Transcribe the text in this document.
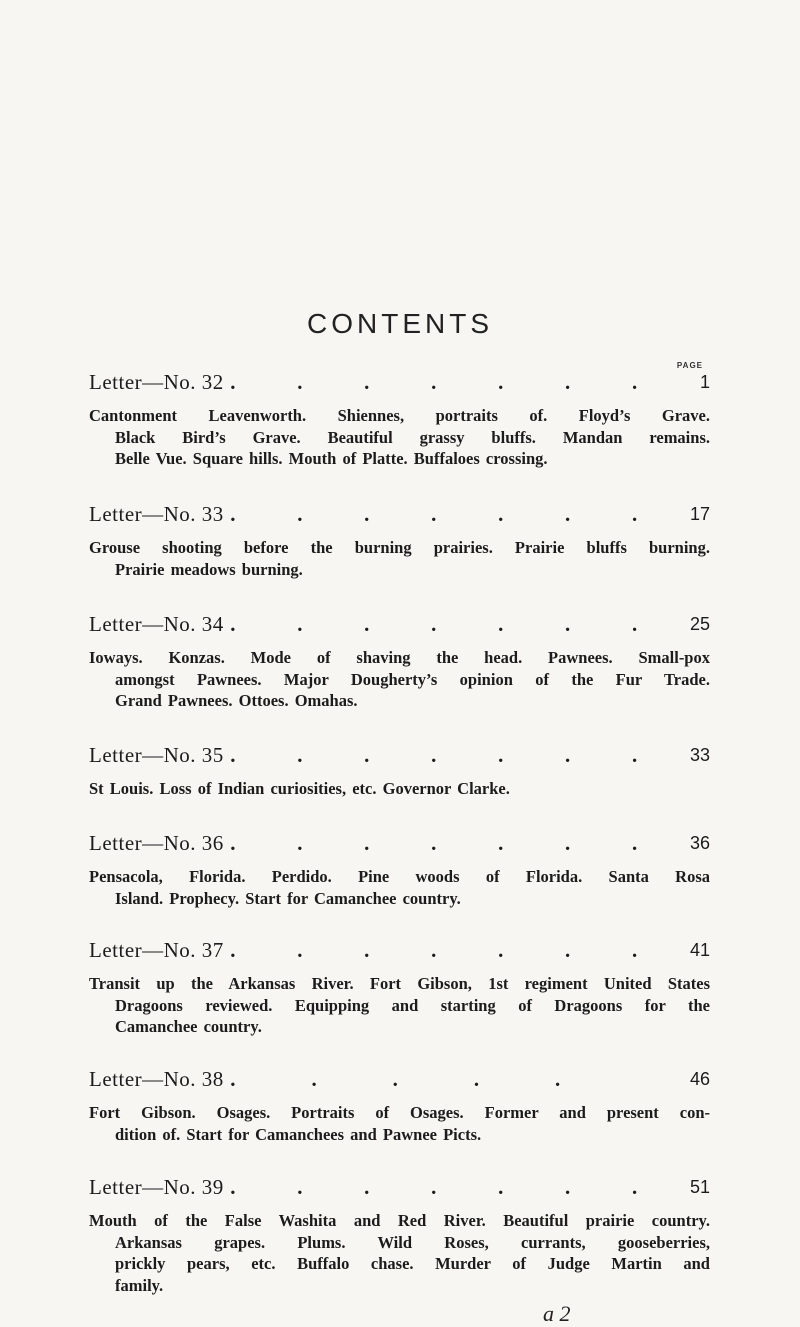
CONTENTS
PAGE
Letter—No. 32 .	.	.	.	.	.	.	1
Cantonment Leavenworth. Shiennes, portraits of. Floyd’s Grave.
Black Bird’s Grave. Beautiful grassy bluffs. Mandan remains.
Belle Vue. Square hills. Mouth of Platte. Buffaloes crossing.
Letter—No. 33 .	.	.	.	.	.	.	17
Grouse shooting before the burning prairies. Prairie bluffs burning.
Prairie meadows burning.
Letter—No. 34 .	.	.	.	.	.	.	25
Ioways. Konzas. Mode of shaving the head. Pawnees. Small-pox
amongst Pawnees. Major Dougherty’s opinion of the Fur Trade.
Grand Pawnees. Ottoes. Omahas.
Letter—No. 35 .	.	.	.	.	.	.	33
St Louis. Loss of Indian curiosities, etc. Governor Clarke.
Letter—No. 36 .	.	.	.	.	.	.	36
Pensacola, Florida. Perdido. Pine woods of Florida. Santa Rosa
Island. Prophecy. Start for Camanchee country.
Letter—No. 37 .	.	.	.	.	.	.	41
Transit up the Arkansas River. Fort Gibson, 1st regiment United States
Dragoons reviewed. Equipping and starting of Dragoons for the
Camanchee country.
Letter—No. 38 .	.	.	.	.	46
Fort Gibson. Osages. Portraits of Osages. Former and present con-
dition of. Start for Camanchees and Pawnee Picts.
Letter—No. 39 .	.	.	.	.	.	.	51
Mouth of the False Washita and Red River. Beautiful prairie country.
Arkansas grapes. Plums. Wild Roses, currants, gooseberries,
prickly pears, etc. Buffalo chase. Murder of Judge Martin and
family.
a 2
